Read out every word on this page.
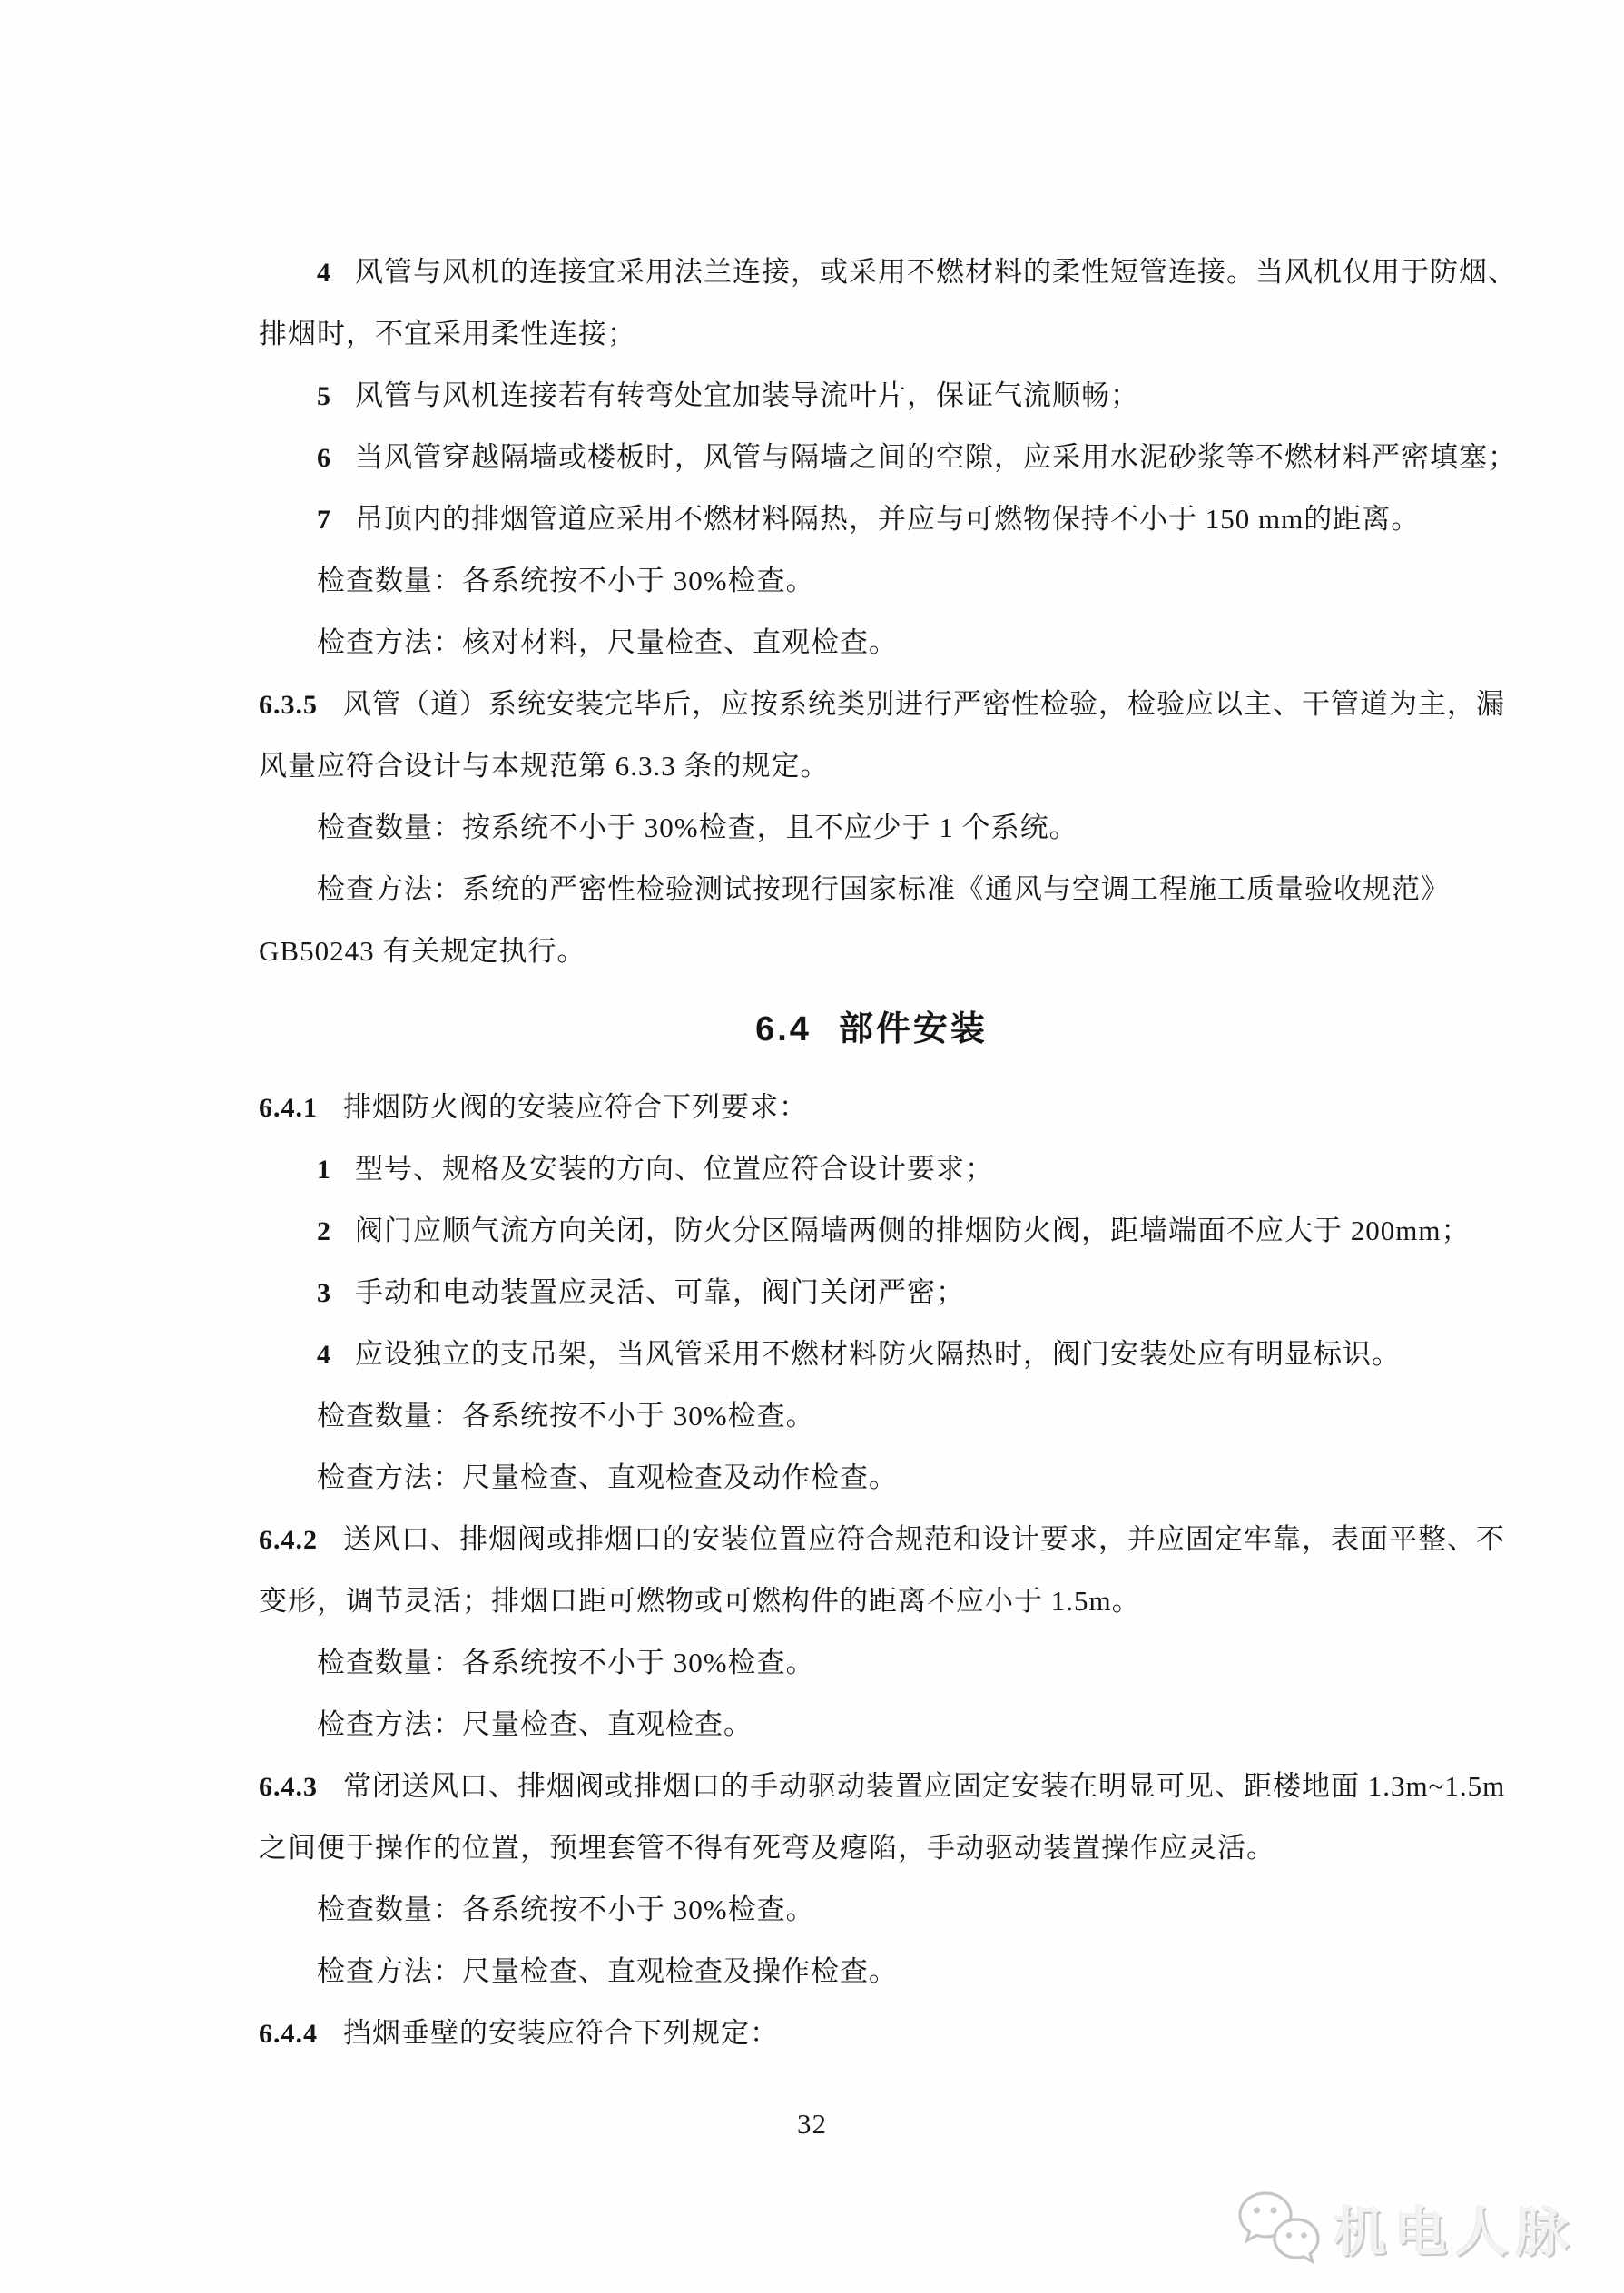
4 风管与风机的连接宜采用法兰连接，或采用不燃材料的柔性短管连接。当风机仅用于防烟、
排烟时，不宜采用柔性连接；
5 风管与风机连接若有转弯处宜加装导流叶片，保证气流顺畅；
6 当风管穿越隔墙或楼板时，风管与隔墙之间的空隙，应采用水泥砂浆等不燃材料严密填塞；
7 吊顶内的排烟管道应采用不燃材料隔热，并应与可燃物保持不小于 150 mm的距离。
检查数量：各系统按不小于 30%检查。
检查方法：核对材料，尺量检查、直观检查。
6.3.5 风管（道）系统安装完毕后，应按系统类别进行严密性检验，检验应以主、干管道为主，漏
风量应符合设计与本规范第 6.3.3 条的规定。
检查数量：按系统不小于 30%检查，且不应少于 1 个系统。
检查方法：系统的严密性检验测试按现行国家标准《通风与空调工程施工质量验收规范》
GB50243 有关规定执行。
6.4 部件安装
6.4.1 排烟防火阀的安装应符合下列要求：
1 型号、规格及安装的方向、位置应符合设计要求；
2 阀门应顺气流方向关闭，防火分区隔墙两侧的排烟防火阀，距墙端面不应大于 200mm；
3 手动和电动装置应灵活、可靠，阀门关闭严密；
4 应设独立的支吊架，当风管采用不燃材料防火隔热时，阀门安装处应有明显标识。
检查数量：各系统按不小于 30%检查。
检查方法：尺量检查、直观检查及动作检查。
6.4.2 送风口、排烟阀或排烟口的安装位置应符合规范和设计要求，并应固定牢靠，表面平整、不
变形，调节灵活；排烟口距可燃物或可燃构件的距离不应小于 1.5m。
检查数量：各系统按不小于 30%检查。
检查方法：尺量检查、直观检查。
6.4.3 常闭送风口、排烟阀或排烟口的手动驱动装置应固定安装在明显可见、距楼地面 1.3m~1.5m
之间便于操作的位置，预埋套管不得有死弯及瘪陷，手动驱动装置操作应灵活。
检查数量：各系统按不小于 30%检查。
检查方法：尺量检查、直观检查及操作检查。
6.4.4 挡烟垂壁的安装应符合下列规定：
32
机电人脉
